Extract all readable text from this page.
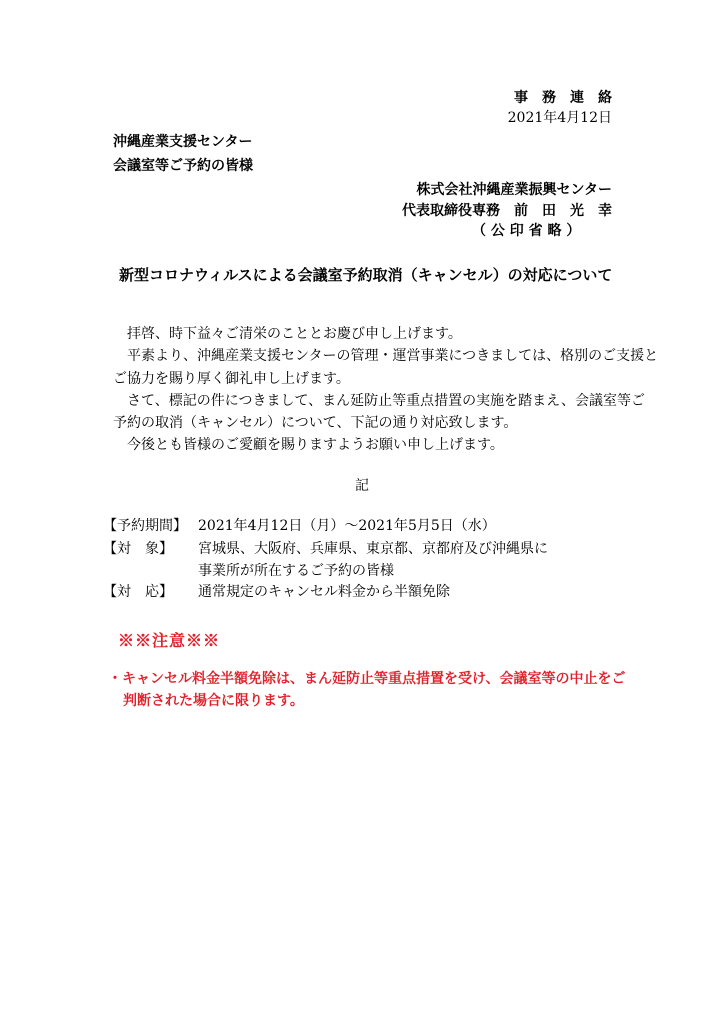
事　務　連　絡
2021年4月12日
沖縄産業支援センター
会議室等ご予約の皆様
株式会社沖縄産業振興センター
代表取締役専務　前　田　光　幸
（ 公 印 省 略 ）
新型コロナウィルスによる会議室予約取消（キャンセル）の対応について
拝啓、時下益々ご清栄のこととお慶び申し上げます。
平素より、沖縄産業支援センターの管理・運営事業につきましては、格別のご支援と
ご協力を賜り厚く御礼申し上げます。
さて、標記の件につきまして、まん延防止等重点措置の実施を踏まえ、会議室等ご
予約の取消（キャンセル）について、下記の通り対応致します。
今後とも皆様のご愛顧を賜りますようお願い申し上げます。
記
【予約期間】 2021年4月12日（月）～2021年5月5日（水）
【対　象】 宮城県、大阪府、兵庫県、東京都、京都府及び沖縄県に
事業所が所在するご予約の皆様
【対　応】 通常規定のキャンセル料金から半額免除
※※注意※※
・キャンセル料金半額免除は、まん延防止等重点措置を受け、会議室等の中止をご
判断された場合に限ります。
